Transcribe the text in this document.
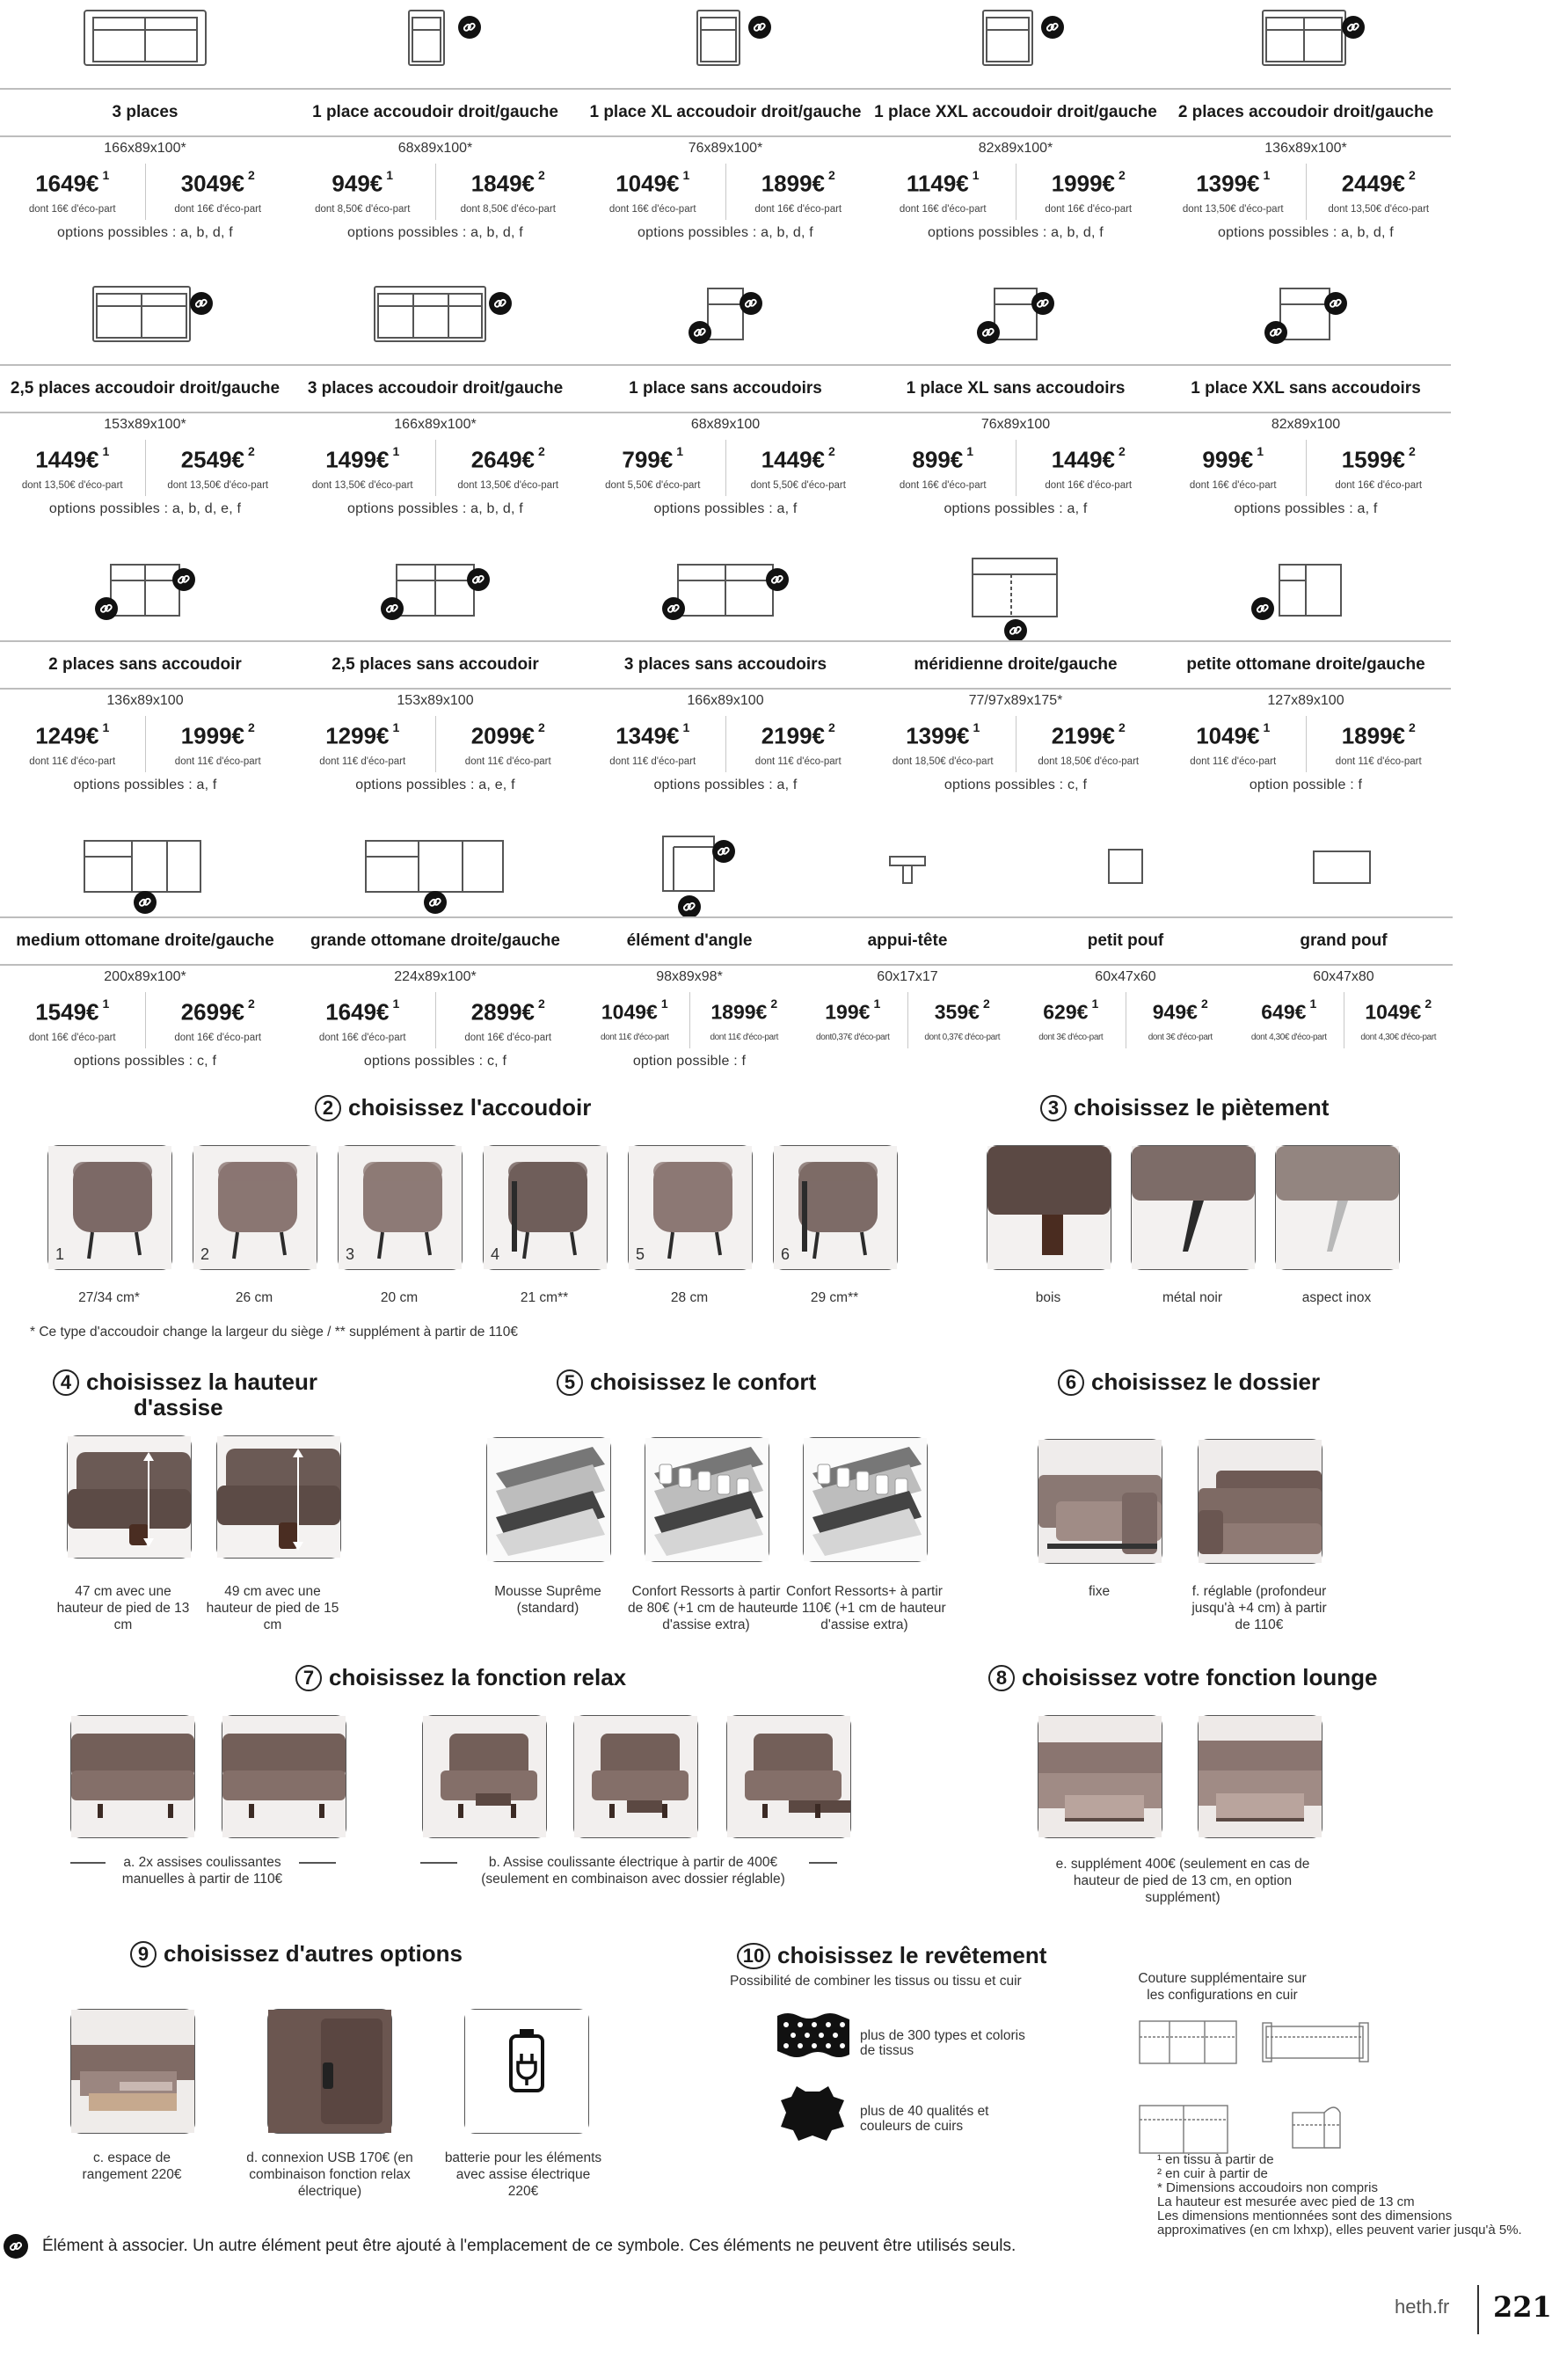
3 places
166x89x100*
1649€ $^1$
dont 16€ d'éco-part
3049€ $^2$
dont 16€ d'éco-part
options possibles : a, b, d, f
1 place accoudoir droit/gauche
68x89x100*
949€ $^1$
dont 8,50€ d'éco-part
1849€ $^2$
dont 8,50€ d'éco-part
options possibles : a, b, d, f
1 place XL accoudoir droit/gauche
76x89x100*
1049€ $^1$
dont 16€ d'éco-part
1899€ $^2$
dont 16€ d'éco-part
options possibles : a, b, d, f
1 place XXL accoudoir droit/gauche
82x89x100*
1149€ $^1$
dont 16€ d'éco-part
1999€ $^2$
dont 16€ d'éco-part
options possibles : a, b, d, f
2 places accoudoir droit/gauche
136x89x100*
1399€ $^1$
dont 13,50€ d'éco-part
2449€ $^2$
dont 13,50€ d'éco-part
options possibles : a, b, d, f
2,5 places accoudoir droit/gauche
153x89x100*
1449€ $^1$
dont 13,50€ d'éco-part
2549€ $^2$
dont 13,50€ d'éco-part
options possibles : a, b, d, e, f
3 places accoudoir droit/gauche
166x89x100*
1499€ $^1$
dont 13,50€ d'éco-part
2649€ $^2$
dont 13,50€ d'éco-part
options possibles : a, b, d, f
1 place sans accoudoirs
68x89x100
799€ $^1$
dont 5,50€ d'éco-part
1449€ $^2$
dont 5,50€ d'éco-part
options possibles : a, f
1 place XL sans accoudoirs
76x89x100
899€ $^1$
dont 16€ d'éco-part
1449€ $^2$
dont 16€ d'éco-part
options possibles : a, f
1 place XXL sans accoudoirs
82x89x100
999€ $^1$
dont 16€ d'éco-part
1599€ $^2$
dont 16€ d'éco-part
options possibles : a, f
2 places sans accoudoir
136x89x100
1249€ $^1$
dont 11€ d'éco-part
1999€ $^2$
dont 11€ d'éco-part
options possibles : a, f
2,5 places sans accoudoir
153x89x100
1299€ $^1$
dont 11€ d'éco-part
2099€ $^2$
dont 11€ d'éco-part
options possibles : a, e, f
3 places sans accoudoirs
166x89x100
1349€ $^1$
dont 11€ d'éco-part
2199€ $^2$
dont 11€ d'éco-part
options possibles : a, f
méridienne droite/gauche
77/97x89x175*
1399€ $^1$
dont 18,50€ d'éco-part
2199€ $^2$
dont 18,50€ d'éco-part
options possibles : c, f
petite ottomane droite/gauche
127x89x100
1049€ $^1$
dont 11€ d'éco-part
1899€ $^2$
dont 11€ d'éco-part
option possible : f
medium ottomane droite/gauche
200x89x100*
1549€ $^1$
dont 16€ d'éco-part
2699€ $^2$
dont 16€ d'éco-part
options possibles : c, f
grande ottomane droite/gauche
224x89x100*
1649€ $^1$
dont 16€ d'éco-part
2899€ $^2$
dont 16€ d'éco-part
options possibles : c, f
élément d'angle
98x89x98*
1049€ $^1$
dont 11€ d'éco-part
1899€ $^2$
dont 11€ d'éco-part
option possible : f
appui-tête
60x17x17
199€ $^1$
dont0,37€ d'éco-part
359€ $^2$
dont 0,37€ d'éco-part
petit pouf
60x47x60
629€ $^1$
dont 3€ d'éco-part
949€ $^2$
dont 3€ d'éco-part
grand pouf
60x47x80
649€ $^1$
dont 4,30€ d'éco-part
1049€ $^2$
dont 4,30€ d'éco-part
2 choisissez l'accoudoir	3 choisissez le piètement
1
27/34 cm*
2
26 cm
3
20 cm
4
21 cm**
5
28 cm
6
29 cm**
* Ce type d'accoudoir change la largeur du siège / ** supplément à partir de 110€
bois	métal noir	aspect inox
4 choisissez la hauteur
d'assise
5 choisissez le confort	6 choisissez le dossier
47 cm avec une hauteur de pied de 13 cm
49 cm avec une hauteur de pied de 15 cm
Mousse Suprême (standard)
Confort Ressorts à partir de 80€ (+1 cm de hauteur d'assise extra)
Confort Ressorts+ à partir de 110€ (+1 cm de hauteur d'assise extra)
fixe	f. réglable (profondeur jusqu'à +4 cm) à partir de 110€
7 choisissez la fonction relax	8 choisissez votre fonction lounge
a. 2x assises coulissantes manuelles à partir de 110€
b. Assise coulissante électrique à partir de 400€ (seulement en combinaison avec dossier réglable)
e. supplément 400€ (seulement en cas de hauteur de pied de 13 cm, en option supplément)
9 choisissez d'autres options	10 choisissez le revêtement
Possibilité de combiner les tissus ou tissu et cuir
c. espace de rangement 220€
d. connexion USB 170€ (en combinaison fonction relax électrique)
batterie pour les éléments avec assise électrique 220€
plus de 300 types et coloris de tissus
plus de 40 qualités et couleurs de cuirs
Couture supplémentaire sur les configurations en cuir
¹ en tissu à partir de
² en cuir à partir de
* Dimensions accoudoirs non compris
La hauteur est mesurée avec pied de 13 cm
Les dimensions mentionnées sont des dimensions approximatives (en cm lxhxp), elles peuvent varier jusqu'à 5%.
Élément à associer. Un autre élément peut être ajouté à l'emplacement de ce symbole. Ces éléments ne peuvent être utilisés seuls.
heth.fr 221
